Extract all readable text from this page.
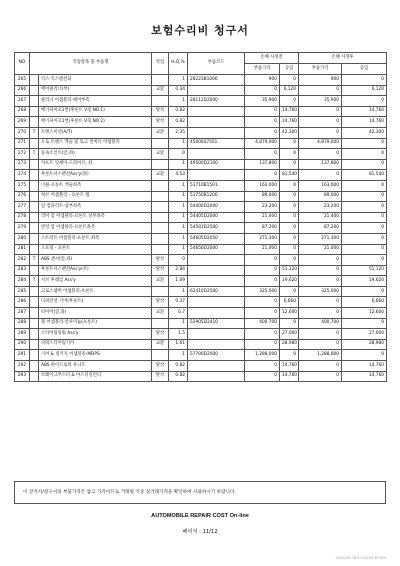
보험수리비 청구서
NO	작업항목 및 부품명		작업	H,Q,%	부품코드	손해 사정전		손해 사정후	
						부품가격	공임	부품가격	공임
265		익스·익스텐션화		1	28223B1000	900	0	900	0
266		에어클리너(부)	교환	0.34		0	6,120	0	6,120
267		클리너 어셈블리-에어부측		1	28112D2000	35,900	0	35,900	0
268		배기파이프1번(후론트 V형 NO.1)	탈착	0.82		0	14,760	0	14,760
269		배기파이프1번(후론트 V형 NO.2)	탈착	0.82		0	14,760	0	14,760
270	T	트랜스미션(A/T)	교환	2.35		0	42,300	0	42,300
271		오토 트랜스 액슬 및 토크 컨버터 어셈블리		1	4500047501	4,879,000	0	4,879,000	0
272	T	등속조인트(앞,좌)	교환	0		0	0	0	0
273		샤프트 잇세이-드라이브, 좌		1	49500D2100	137,800	0	137,800	0
274		후론트서스펜션Ass'y(좌)	교환	4.53		0	81,540	0	81,540
275		너클-프론트 액슬좌측		1	51710B1501	163,000	0	163,000	0
276		허브 어셈블리 - 프론트 휠		1	51750B1200	89,000	0	89,000	0
277		암 컴플리트-상부좌측		1	54400D2000	23,200	0	23,200	0
278		리어 암 어셈블리-프론트 상부좌측		1	54405D2000	21,400	0	21,400	0
279		반연 암 어셈블리-프론트좌측		1	54501D2500	87,200	0	87,200	0
280		스트러트 어셈블리-프론트 좌측		1	54605D2050	271,300	0	271,300	0
281		스프링 - 프론트		1	54650D2000	21,000	0	21,000	0
282	T	ABS 센서(앞,좌)	탈착	0		0	0	0	0
283		후론트서스펜션Ass'y(우)	탈착	2.84		0	51,120	0	51,120
284	T	서브 후레임 Ass'y	교환	1.09		0	19,620	0	19,620
285		크로스멤버 어셈블리-프론트		1	62410D2500	325,000	0	325,000	0
286		디퍼런셜 기어(후론트)	탈착	0.37		0	6,660	0	6,660
287		타이어(앞,좌)	교환	0.7		0	12,600	0	12,600
288		휠 어셈블리-알루미늄(프론트)		1	52905D2410	400,700	0	400,700	0
289		스티어링링휠 Ass'y	탈착	1.5		0	27,000	0	27,000
290		파워스티어링기어	교환	1.61		0	28,980	0	28,980
291		기어 & 링키지 어셈블리-MDPS		1	57700D2000	1,288,000	0	1,288,000	0
292		ABS 하이드로릭 유니트	탈착	0.82		0	14,760	0	14,760
293		브레이크부스터 & 마스터실린더	탈착	0.82		0	14,760	0	14,760
이 견적서/청구서의 부품가격은 참고 가격이므로 거래될 기준 실거래가격을 확인하여 사용하시기 바랍니다.
AUTOMOBILE REPAIR COST On-line
페이지 : 11/12
2020-05-18 11:22:04 KT180
